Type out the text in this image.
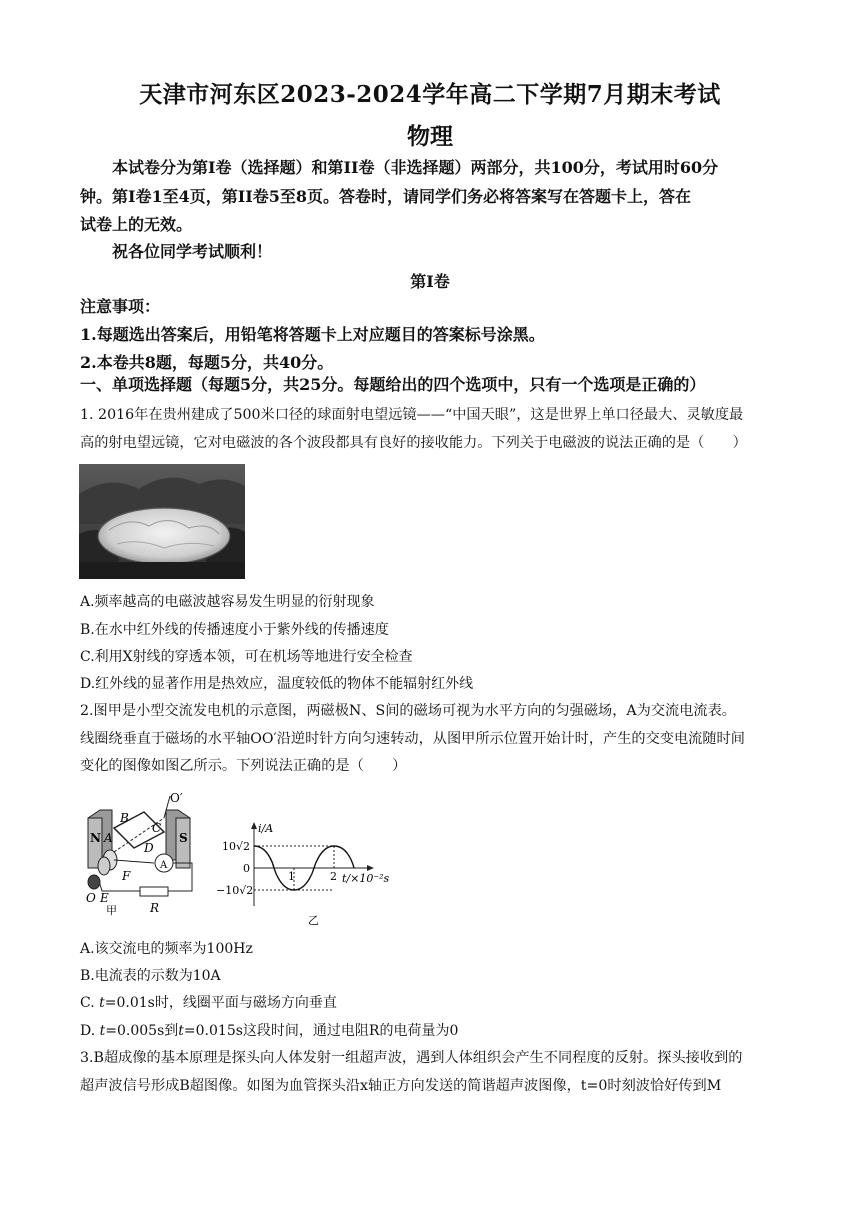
天津市河东区2023-2024学年高二下学期7月期末考试
物理
本试卷分为第I卷（选择题）和第II卷（非选择题）两部分，共100分，考试用时60分
钟。第I卷1至4页，第II卷5至8页。答卷时，请同学们务必将答案写在答题卡上，答在
试卷上的无效。
祝各位同学考试顺利！
第I卷
注意事项：
1.每题选出答案后，用铅笔将答题卡上对应题目的答案标号涂黑。
2.本卷共8题，每题5分，共40分。
一、单项选择题（每题5分，共25分。每题给出的四个选项中，只有一个选项是正确的）
1. 2016年在贵州建成了500米口径的球面射电望远镜——“中国天眼”，这是世界上单口径最大、灵敏度最
高的射电望远镜，它对电磁波的各个波段都具有良好的接收能力。下列关于电磁波的说法正确的是（　　）
A.频率越高的电磁波越容易发生明显的衍射现象
B.在水中红外线的传播速度小于紫外线的传播速度
C.利用X射线的穿透本领，可在机场等地进行安全检查
D.红外线的显著作用是热效应，温度较低的物体不能辐射红外线
2.图甲是小型交流发电机的示意图，两磁极N、S间的磁场可视为水平方向的匀强磁场，A为交流电流表。
线圈绕垂直于磁场的水平轴OO′沿逆时针方向匀速转动，从图甲所示位置开始计时，产生的交变电流随时间
变化的图像如图乙所示。下列说法正确的是（　　）
O′
B
C
N A	S
D
F
O E
R
A
甲
i/A
10√2
0
−10√2
1	2 t/×10⁻²s
乙
A.该交流电的频率为100Hz
B.电流表的示数为10A
C. t=0.01s时，线圈平面与磁场方向垂直
D. t=0.005s到t=0.015s这段时间，通过电阻R的电荷量为0
3.B超成像的基本原理是探头向人体发射一组超声波，遇到人体组织会产生不同程度的反射。探头接收到的
超声波信号形成B超图像。如图为血管探头沿x轴正方向发送的简谐超声波图像，t=0时刻波恰好传到M
